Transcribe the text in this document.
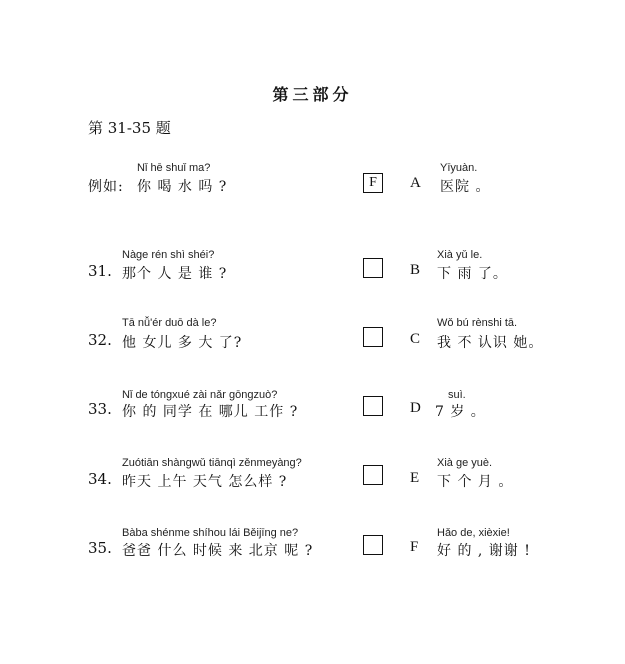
第三部分
第 31-35 题
Nǐ hē shuǐ ma?
例如: 你 喝 水 吗 ?	F
Nàge rén shì shéi?
31. 那个 人 是 谁 ?
Tā nǚ'ér duō dà le?
32. 他 女儿 多 大 了?
Nǐ de tóngxué zài nǎr gōngzuò?
33. 你 的 同学 在 哪儿 工作 ?
Zuótiān shàngwǔ tiānqì zěnmeyàng?
34. 昨天 上午 天气 怎么样 ?
Bàba shénme shíhou lái Běijīng ne?
35. 爸爸 什么 时候 来 北京 呢 ?
Yīyuàn.
A 医院 。
Xià yǔ le.
B 下 雨 了。
Wǒ bú rènshi tā.
C 我 不 认识 她。
suì.
D 7 岁 。
Xià ge yuè.
E 下 个 月 。
Hǎo de, xièxie!
F 好 的 , 谢谢 !
